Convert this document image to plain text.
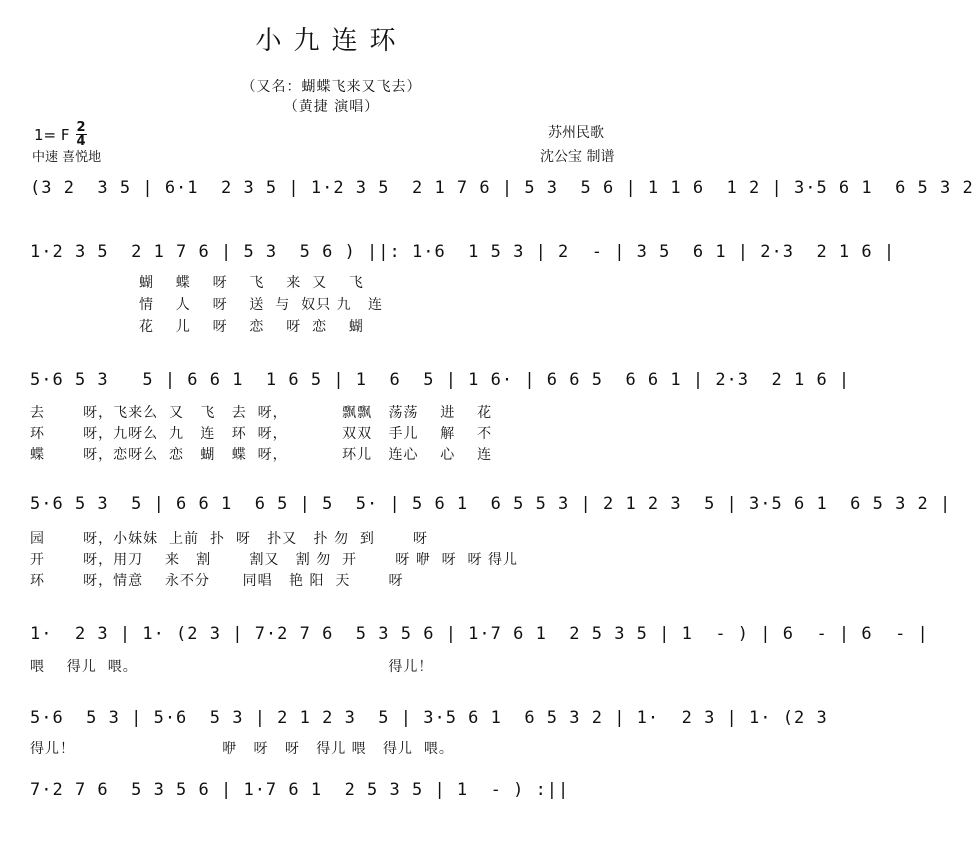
小九连环
（又名：蝴蝶飞来又飞去）
（黄捷 演唱）
1= F 2
4
中速 喜悦地
苏州民歌
沈公宝 制谱
(3 2  3 5 | 6·1  2 3 5 | 1·2 3 5  2 1 7 6 | 5 3  5 6 | 1 1 6  1 2 | 3·5 6 1  6 5 3 2
1·2 3 5  2 1 7 6 | 5 3  5 6 ) ||: 1·6  1 5 3 | 2  - | 3 5  6 1 | 2·3  2 1 6 |
蝴    蝶    呀    飞    来  又    飞
情    人    呀    送  与  奴只 九   连
花    儿    呀    恋    呀  恋    蝴
5·6 5 3   5 | 6 6 1  1 6 5 | 1  6  5 | 1 6· | 6 6 5  6 6 1 | 2·3  2 1 6 |
去       呀，飞来么  又   飞   去  呀，          飘飘   荡荡    进    花
环       呀，九呀么  九   连   环  呀，          双双   手儿    解    不
蝶       呀，恋呀么  恋   蝴   蝶  呀，          环儿   连心    心    连
5·6 5 3  5 | 6 6 1  6 5 | 5  5· | 5 6 1  6 5 5 3 | 2 1 2 3  5 | 3·5 6 1  6 5 3 2 |
园       呀，小妹妹  上前  扑  呀   扑又   扑 勿  到       呀
开       呀，用刀    来   割       割又   割 勿  开       呀 咿  呀  呀 得儿
环       呀，情意    永不分      同唱   艳 阳  天       呀
1·  2 3 | 1· (2 3 | 7·2 7 6  5 3 5 6 | 1·7 6 1  2 5 3 5 | 1  - ) | 6  - | 6  - |
喂    得儿  喂。                                              得儿！
5·6  5 3 | 5·6  5 3 | 2 1 2 3  5 | 3·5 6 1  6 5 3 2 | 1·  2 3 | 1· (2 3
得儿！                           咿   呀   呀   得儿 喂   得儿  喂。
7·2 7 6  5 3 5 6 | 1·7 6 1  2 5 3 5 | 1  - ) :||
